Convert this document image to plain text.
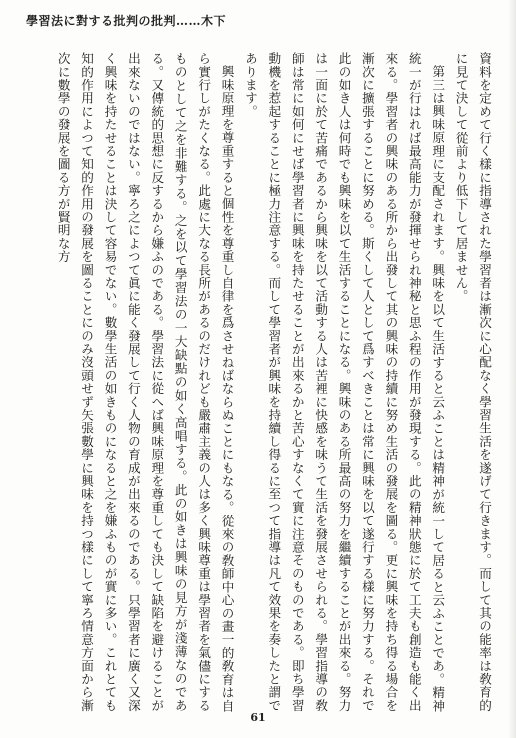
學習法に對する批判の批判……木下

資料を定めて行く樣に指導された學習者は漸次に心配なく學習生活を遂げて行きます。而して其の能率は敎育的に見て決して從前より低下して居ません。

第三は興味原理に支配されます。興味を以て生活すると云ふことは精神が統一して居ると云ふことであ。精神統一が行はれば最高能力が發揮せられ神秘と思ふ程の作用が發現する。此の精神狀態に於て工夫も創造も能く出來る。學習者の興味のある所から出發して其の興味の持續に努め生活の發展を圖る。更に興味を持ち得る場合を漸次に擴張することに努める。斯くして人として爲すべきことは常に興味を以て遂行する樣に努力する。それで此の如き人は何時でも興味を以て生活することになる。興味のある所最高の努力を繼續することが出來る。努力は一面に於て苦痛であるから興味を以て活動する人は苦裡に快感を味うて生活を發展させられる。學習指導の敎師は常に如何にせば學習者に興味を持たせることが出來るかと苦心すなくて實に注意そのものである。即ち學習動機を惹起することに極力注意する。而して學習者が興味を持續し得るに至つて指導は凡て效果を奏したと謂であります。

興味原理を尊重すると個性を尊重し自律を爲させねばならぬことにもなる。從來の敎師中心の畫一的敎育は自ら實行しがたくなる。此處に大なる長所があるのだけれども嚴肅主義の人は多く興味尊重は學習者を氣儘にするものとして之を非難する。之を以て學習法の一大缺點の如く高唱する。此の如きは興味の見方が淺薄なのである。又傳統的思想に反するから嫌ふのである。學習法に從へば興味原理を尊重しても決して缺陷を避けることが出來ないのではない。寧ろ之によつて眞に能く發展して行く人物の育成が出來るのである。只學習者に廣く又深く興味を持たせることは決して容易でない。數學生活の如きものになると之を嫌ふものが實に多い。これとても知的作用によつて知的作用の發展を圖ることにのみ沒頭せず矢張數學に興味を持つ樣にして寧ろ情意方面から漸次に數學の發展を圖る方が賢明な方

61
